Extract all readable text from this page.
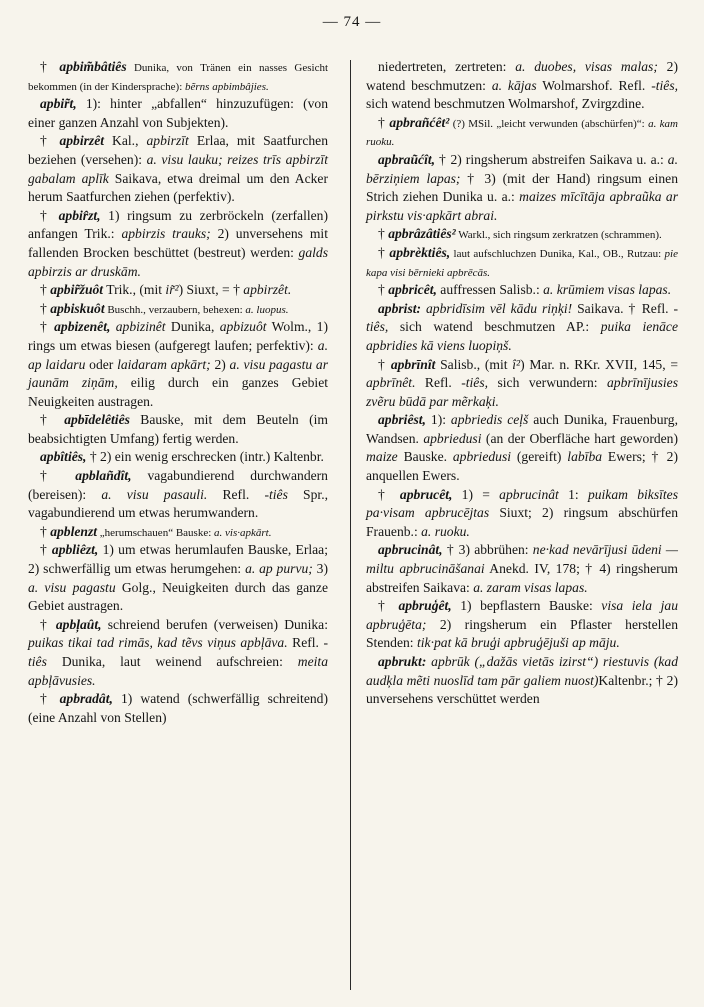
— 74 —

† apbim̃bâtiês Dunika, von Tränen ein nasses Gesicht bekommen (in der Kindersprache): bẽrns apbimbâjies.

apbir̃t, 1): hinter „abfallen“ hinzuzufügen: (von einer ganzen Anzahl von Subjekten).

† apbirzêt Kal., apbirzīt Erlaa, mit Saatfurchen beziehen (versehen): a. visu lauku; reizes trīs apbirzīt gabalam aplīk Saikava, etwa dreimal um den Acker herum Saatfurchen ziehen (perfektiv).

† apbir̂zt, 1) ringsum zu zerbröckeln (zerfallen) anfangen Trik.: apbirzis trauks; 2) unversehens mit fallenden Brocken beschüttet (bestreut) werden: galds apbirzis ar druskām.

† apbir̃žuôt Trik., (mit ir̃²) Siuxt, = † apbirzêt.

† apbiskuôt Buschh., verzaubern, behexen: a. luopus.

† apbizenêt, apbizinêt Dunika, apbizuôt Wolm., 1) rings um etwas biesen (aufgeregt laufen; perfektiv): a. ap laidaru oder laidaram apkārt; 2) a. visu pagastu ar jaunām ziņām, eilig durch ein ganzes Gebiet Neuigkeiten austragen.

† apbīdelêtiês Bauske, mit dem Beuteln (im beabsichtigten Umfang) fertig werden.

apbîtiês, † 2) ein wenig erschrecken (intr.) Kaltenbr.

† apblañdît, vagabundierend durchwandern (bereisen): a. visu pasauli. Refl. -tiês Spr., vagabundierend um etwas herumwandern.

† apblenzt „herumschauen“ Bauske: a. vis·apkārt.

† apbliêzt, 1) um etwas herumlaufen Bauske, Erlaa; 2) schwerfällig um etwas herumgehen: a. ap purvu; 3) a. visu pagastu Golg., Neuigkeiten durch das ganze Gebiet austragen.

† apbļaût, schreiend berufen (verweisen) Dunika: puikas tikai tad rimās, kad tẽvs viņus apbļāva. Refl. -tiês Dunika, laut weinend aufschreien: meita apbļāvusies.

† apbradât, 1) watend (schwerfällig schreitend) (eine Anzahl von Stellen)

niedertreten, zertreten: a. duobes, visas malas; 2) watend beschmutzen: a. kājas Wolmarshof. Refl. -tiês, sich watend beschmutzen Wolmarshof, Zvirgzdine.

† apbrañćêt² (?) MSil. „leicht verwunden (abschürfen)“: a. kam ruoku.

apbraũćît, † 2) ringsherum abstreifen Saikava u. a.: a. bērziņiem lapas; † 3) (mit der Hand) ringsum einen Strich ziehen Dunika u. a.: maizes mīcītāja apbraũka ar pirkstu vis·apkārt abrai.

† apbrâzâtiês² Warkl., sich ringsum zerkratzen (schrammen).

† apbrèktiês, laut aufschluchzen Dunika, Kal., OB., Rutzau: pie kapa visi bērnieki apbrēcās.

† apbricêt, auffressen Salisb.: a. krūmiem visas lapas.

apbrist: apbridīsim vēl kādu riņķi! Saikava. † Refl. -tiês, sich watend beschmutzen AP.: puika ienāce apbridies kā viens luopiņš.

† apbrīnît Salisb., (mit î²) Mar. n. RKr. XVII, 145, = apbrīnêt. Refl. -tiês, sich verwundern: apbrīnījusies zvẽru būdā par mẽrkaķi.

apbriêst, 1): apbriedis ceļš auch Dunika, Frauenburg, Wandsen. apbriedusi (an der Oberfläche hart geworden) maize Bauske. apbriedusi (gereift) labība Ewers; † 2) anquellen Ewers.

† apbrucêt, 1) = apbrucinât 1: puikam biksītes pa·visam apbrucējtas Siuxt; 2) ringsum abschürfen Frauenb.: a. ruoku.

apbrucinât, † 3) abbrühen: ne·kad nevārījusi ūdeni — miltu apbrucināšanai Anekd. IV, 178; † 4) ringsherum abstreifen Saikava: a. zaram visas lapas.

† apbruģêt, 1) bepflastern Bauske: visa iela jau apbruģēta; 2) ringsherum ein Pflaster herstellen Stenden: tik·pat kā bruģi apbruģējuši ap māju.

apbrukt: apbrūk („dažās vietās izirst“) riestuvis (kad audķla mẽti nuoslīd tam pār galiem nuost)Kaltenbr.; † 2) unversehens verschüttet werden
